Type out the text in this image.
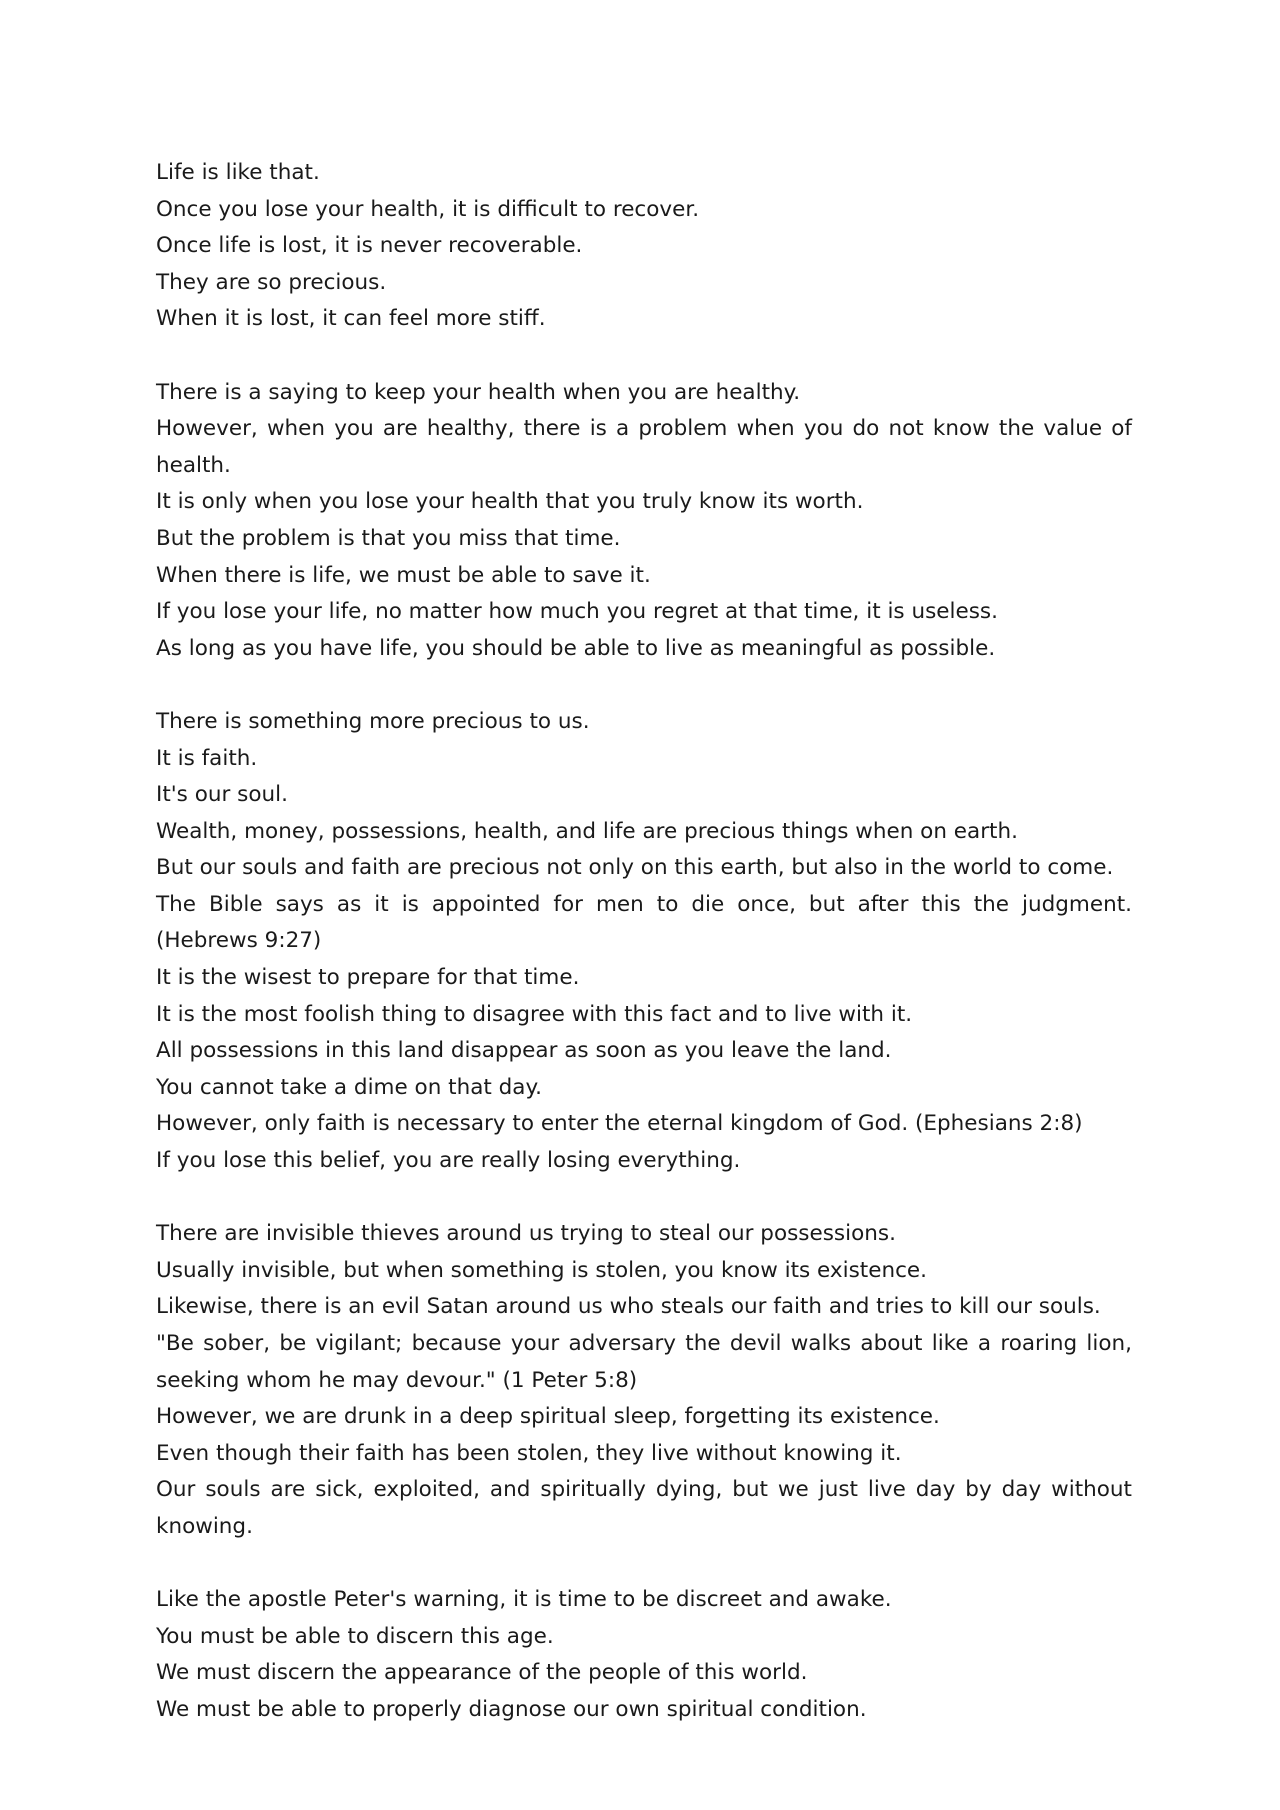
Life is like that.
Once you lose your health, it is difficult to recover.
Once life is lost, it is never recoverable.
They are so precious.
When it is lost, it can feel more stiff.
There is a saying to keep your health when you are healthy.
However, when you are healthy, there is a problem when you do not know the value of
health.
It is only when you lose your health that you truly know its worth.
But the problem is that you miss that time.
When there is life, we must be able to save it.
If you lose your life, no matter how much you regret at that time, it is useless.
As long as you have life, you should be able to live as meaningful as possible.
There is something more precious to us.
It is faith.
It's our soul.
Wealth, money, possessions, health, and life are precious things when on earth.
But our souls and faith are precious not only on this earth, but also in the world to come.
The Bible says as it is appointed for men to die once, but after this the judgment.
(Hebrews 9:27)
It is the wisest to prepare for that time.
It is the most foolish thing to disagree with this fact and to live with it.
All possessions in this land disappear as soon as you leave the land.
You cannot take a dime on that day.
However, only faith is necessary to enter the eternal kingdom of God. (Ephesians 2:8)
If you lose this belief, you are really losing everything.
There are invisible thieves around us trying to steal our possessions.
Usually invisible, but when something is stolen, you know its existence.
Likewise, there is an evil Satan around us who steals our faith and tries to kill our souls.
"Be sober, be vigilant; because your adversary the devil walks about like a roaring lion,
seeking whom he may devour." (1 Peter 5:8)
However, we are drunk in a deep spiritual sleep, forgetting its existence.
Even though their faith has been stolen, they live without knowing it.
Our souls are sick, exploited, and spiritually dying, but we just live day by day without
knowing.
Like the apostle Peter's warning, it is time to be discreet and awake.
You must be able to discern this age.
We must discern the appearance of the people of this world.
We must be able to properly diagnose our own spiritual condition.
